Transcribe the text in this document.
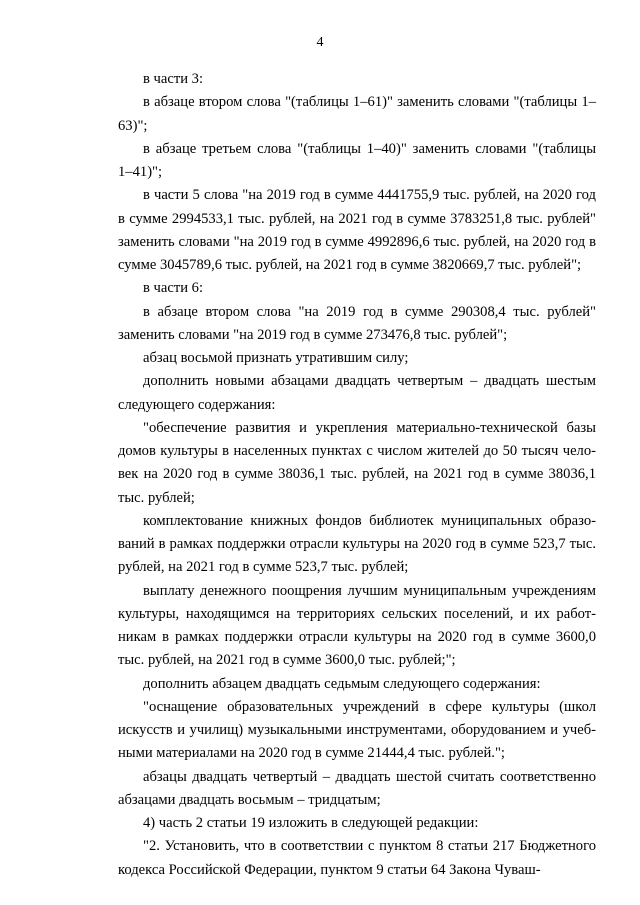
4

в части 3:

в абзаце втором слова "(таблицы 1–61)" заменить словами "(таблицы 1–63)";

в абзаце третьем слова "(таблицы 1–40)" заменить словами "(таблицы 1–41)";

в части 5 слова "на 2019 год в сумме 4441755,9 тыс. рублей, на 2020 год в сумме 2994533,1 тыс. рублей, на 2021 год в сумме 3783251,8 тыс. рублей" заменить словами "на 2019 год в сумме 4992896,6 тыс. рублей, на 2020 год в сумме 3045789,6 тыс. рублей, на 2021 год в сумме 3820669,7 тыс. рублей";

в части 6:

в абзаце втором слова "на 2019 год в сумме 290308,4 тыс. рублей" заменить словами "на 2019 год в сумме 273476,8 тыс. рублей";

абзац восьмой признать утратившим силу;

дополнить новыми абзацами двадцать четвертым – двадцать шестым следующего содержания:

"обеспечение развития и укрепления материально-технической базы домов культуры в населенных пунктах с числом жителей до 50 тысяч человек на 2020 год в сумме 38036,1 тыс. рублей, на 2021 год в сумме 38036,1 тыс. рублей;

комплектование книжных фондов библиотек муниципальных образований в рамках поддержки отрасли культуры на 2020 год в сумме 523,7 тыс. рублей, на 2021 год в сумме 523,7 тыс. рублей;

выплату денежного поощрения лучшим муниципальным учреждениям культуры, находящимся на территориях сельских поселений, и их работникам в рамках поддержки отрасли культуры на 2020 год в сумме 3600,0 тыс. рублей, на 2021 год в сумме 3600,0 тыс. рублей;";

дополнить абзацем двадцать седьмым следующего содержания:

"оснащение образовательных учреждений в сфере культуры (школ искусств и училищ) музыкальными инструментами, оборудованием и учебными материалами на 2020 год в сумме 21444,4 тыс. рублей.";

абзацы двадцать четвертый – двадцать шестой считать соответственно абзацами двадцать восьмым – тридцатым;

4) часть 2 статьи 19 изложить в следующей редакции:

"2. Установить, что в соответствии с пунктом 8 статьи 217 Бюджетного кодекса Российской Федерации, пунктом 9 статьи 64 Закона Чуваш-
